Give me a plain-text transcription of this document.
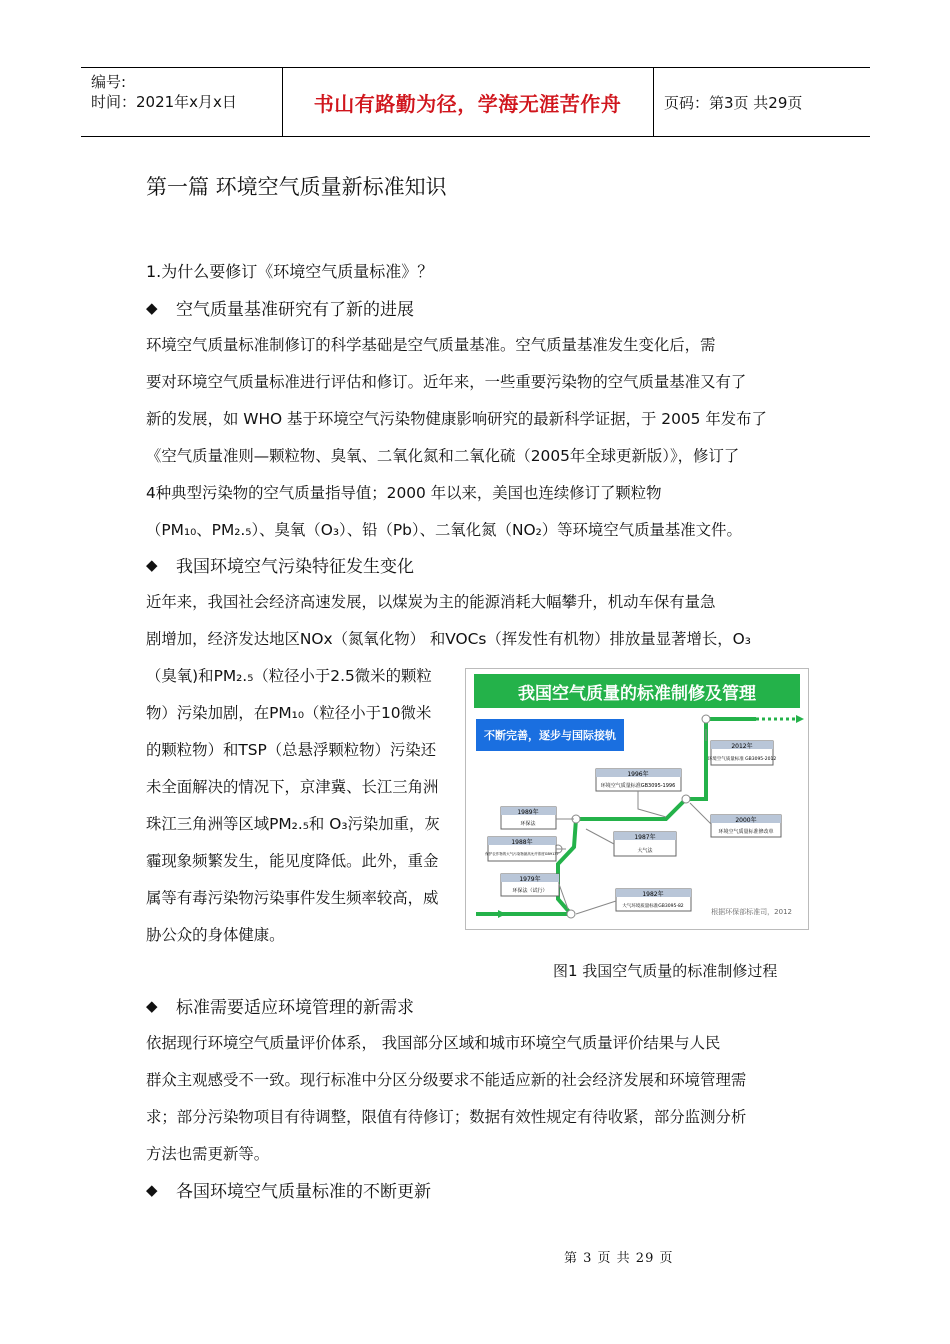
编号:
时间：2021年x月x日	书山有路勤为径，学海无涯苦作舟	页码：第3页 共29页
第一篇 环境空气质量新标准知识
1.为什么要修订《环境空气质量标准》？
◆ 空气质量基准研究有了新的进展
环境空气质量标准制修订的科学基础是空气质量基准。空气质量基准发生变化后，需
要对环境空气质量标准进行评估和修订。近年来，一些重要污染物的空气质量基准又有了
新的发展，如 WHO 基于环境空气污染物健康影响研究的最新科学证据，于 2005 年发布了
《空气质量准则—颗粒物、臭氧、二氧化氮和二氧化硫（2005年全球更新版）》，修订了
4种典型污染物的空气质量指导值；2000 年以来，美国也连续修订了颗粒物
（PM₁₀、PM₂.₅）、臭氧（O₃）、铅（Pb）、二氧化氮（NO₂）等环境空气质量基准文件。
◆ 我国环境空气污染特征发生变化
近年来，我国社会经济高速发展，以煤炭为主的能源消耗大幅攀升，机动车保有量急
剧增加，经济发达地区NOx（氮氧化物） 和VOCs（挥发性有机物）排放量显著增长，O₃
（臭氧)和PM₂.₅（粒径小于2.5微米的颗粒
物）污染加剧，在PM₁₀（粒径小于10微米
的颗粒物）和TSP（总悬浮颗粒物）污染还
未全面解决的情况下，京津冀、长江三角洲
珠江三角洲等区域PM₂.₅和 O₃污染加重，灰
霾现象频繁发生，能见度降低。此外，重金
属等有毒污染物污染事件发生频率较高，威
胁公众的身体健康。
我国空气质量的标准制修及管理
不断完善，逐步与国际接轨
2012年
环境空气质量标准 GB3095-2012
1996年
环境空气质量标准GB3095-1996
2000年
环境空气质量标准修改单
1989年
环保法
1987年
大气法
1988年
保护农作物的大气污染物最高允许浓度GB9137
1979年
环保法（试行）	1982年
大气环境质量标准GB3095-82
根据环保部标准司，2012
图1 我国空气质量的标准制修过程
◆ 标准需要适应环境管理的新需求
依据现行环境空气质量评价体系， 我国部分区域和城市环境空气质量评价结果与人民
群众主观感受不一致。现行标准中分区分级要求不能适应新的社会经济发展和环境管理需
求；部分污染物项目有待调整，限值有待修订；数据有效性规定有待收紧，部分监测分析
方法也需更新等。
◆ 各国环境空气质量标准的不断更新
第 3 页 共 29 页
